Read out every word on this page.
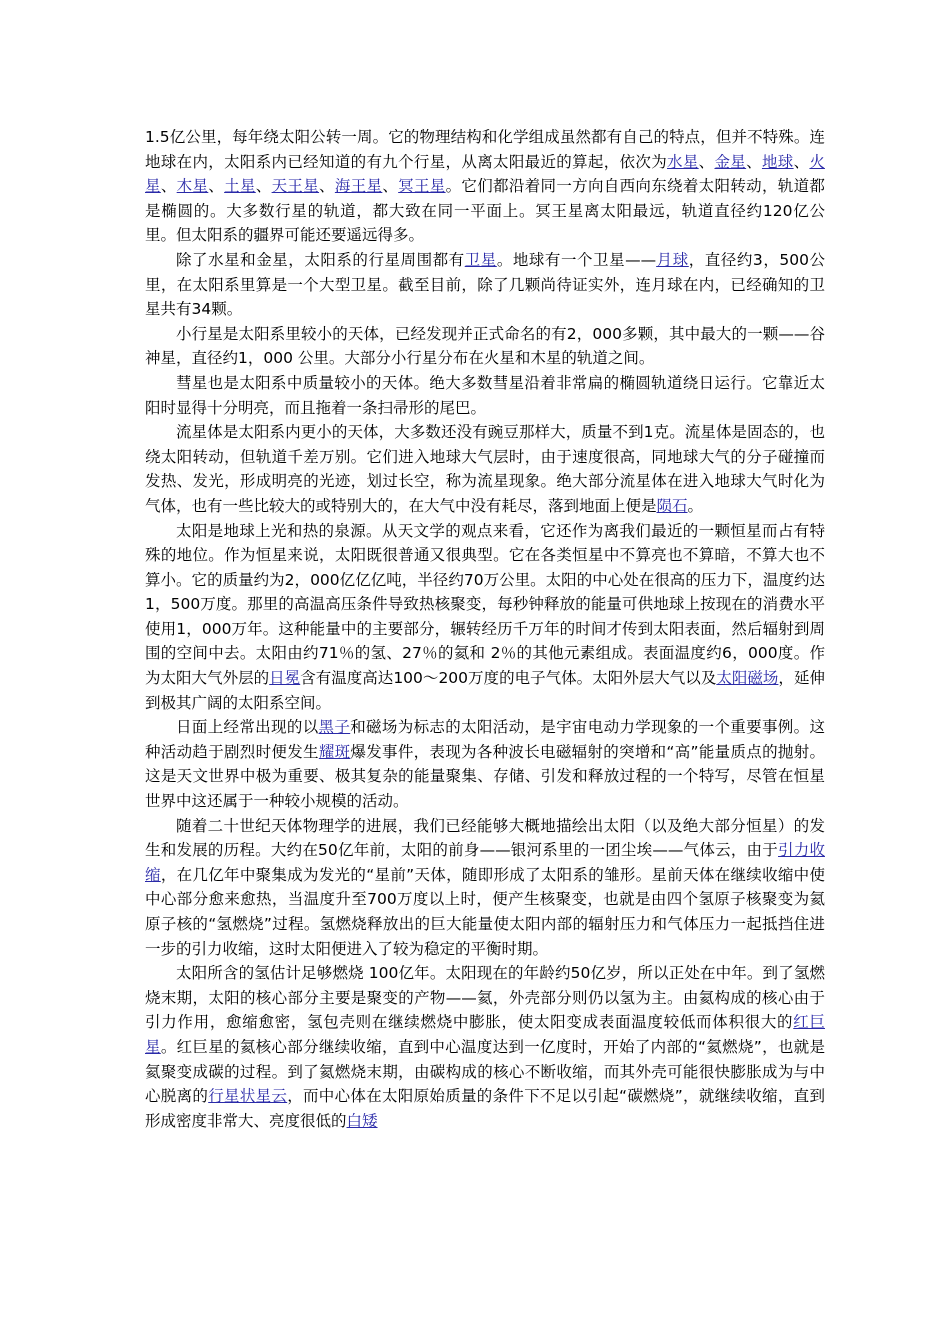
1.5亿公里，每年绕太阳公转一周。它的物理结构和化学组成虽然都有自己的特点，但并不特殊。连地球在内，太阳系内已经知道的有九个行星，从离太阳最近的算起，依次为水星、金星、地球、火星、木星、土星、天王星、海王星、冥王星。它们都沿着同一方向自西向东绕着太阳转动，轨道都是椭圆的。大多数行星的轨道，都大致在同一平面上。冥王星离太阳最远，轨道直径约120亿公里。但太阳系的疆界可能还要遥远得多。

除了水星和金星，太阳系的行星周围都有卫星。地球有一个卫星——月球，直径约3，500公里，在太阳系里算是一个大型卫星。截至目前，除了几颗尚待证实外，连月球在内，已经确知的卫星共有34颗。

小行星是太阳系里较小的天体，已经发现并正式命名的有2，000多颗，其中最大的一颗——谷神星，直径约1，000 公里。大部分小行星分布在火星和木星的轨道之间。

彗星也是太阳系中质量较小的天体。绝大多数彗星沿着非常扁的椭圆轨道绕日运行。它靠近太阳时显得十分明亮，而且拖着一条扫帚形的尾巴。

流星体是太阳系内更小的天体，大多数还没有豌豆那样大，质量不到1克。流星体是固态的，也绕太阳转动，但轨道千差万别。它们进入地球大气层时，由于速度很高，同地球大气的分子碰撞而发热、发光，形成明亮的光迹，划过长空，称为流星现象。绝大部分流星体在进入地球大气时化为气体，也有一些比较大的或特别大的，在大气中没有耗尽，落到地面上便是陨石。

太阳是地球上光和热的泉源。从天文学的观点来看，它还作为离我们最近的一颗恒星而占有特殊的地位。作为恒星来说，太阳既很普通又很典型。它在各类恒星中不算亮也不算暗，不算大也不算小。它的质量约为2，000亿亿亿吨，半径约70万公里。太阳的中心处在很高的压力下，温度约达1，500万度。那里的高温高压条件导致热核聚变，每秒钟释放的能量可供地球上按现在的消费水平使用1，000万年。这种能量中的主要部分，辗转经历千万年的时间才传到太阳表面，然后辐射到周围的空间中去。太阳由约71％的氢、27％的氦和 2％的其他元素组成。表面温度约6，000度。作为太阳大气外层的日冕含有温度高达100～200万度的电子气体。太阳外层大气以及太阳磁场，延伸到极其广阔的太阳系空间。

日面上经常出现的以黑子和磁场为标志的太阳活动，是宇宙电动力学现象的一个重要事例。这种活动趋于剧烈时便发生耀斑爆发事件，表现为各种波长电磁辐射的突增和“高”能量质点的抛射。这是天文世界中极为重要、极其复杂的能量聚集、存储、引发和释放过程的一个特写，尽管在恒星世界中这还属于一种较小规模的活动。

随着二十世纪天体物理学的进展，我们已经能够大概地描绘出太阳（以及绝大部分恒星）的发生和发展的历程。大约在50亿年前，太阳的前身——银河系里的一团尘埃——气体云，由于引力收缩，在几亿年中聚集成为发光的“星前”天体，随即形成了太阳系的雏形。星前天体在继续收缩中使中心部分愈来愈热，当温度升至700万度以上时，便产生核聚变，也就是由四个氢原子核聚变为氦原子核的“氢燃烧”过程。氢燃烧释放出的巨大能量使太阳内部的辐射压力和气体压力一起抵挡住进一步的引力收缩，这时太阳便进入了较为稳定的平衡时期。

太阳所含的氢估计足够燃烧 100亿年。太阳现在的年龄约50亿岁，所以正处在中年。到了氢燃烧末期，太阳的核心部分主要是聚变的产物——氦，外壳部分则仍以氢为主。由氦构成的核心由于引力作用，愈缩愈密，氢包壳则在继续燃烧中膨胀，使太阳变成表面温度较低而体积很大的红巨星。红巨星的氦核心部分继续收缩，直到中心温度达到一亿度时，开始了内部的“氦燃烧”，也就是氦聚变成碳的过程。到了氦燃烧末期，由碳构成的核心不断收缩，而其外壳可能很快膨胀成为与中心脱离的行星状星云，而中心体在太阳原始质量的条件下不足以引起“碳燃烧”，就继续收缩，直到形成密度非常大、亮度很低的白矮
